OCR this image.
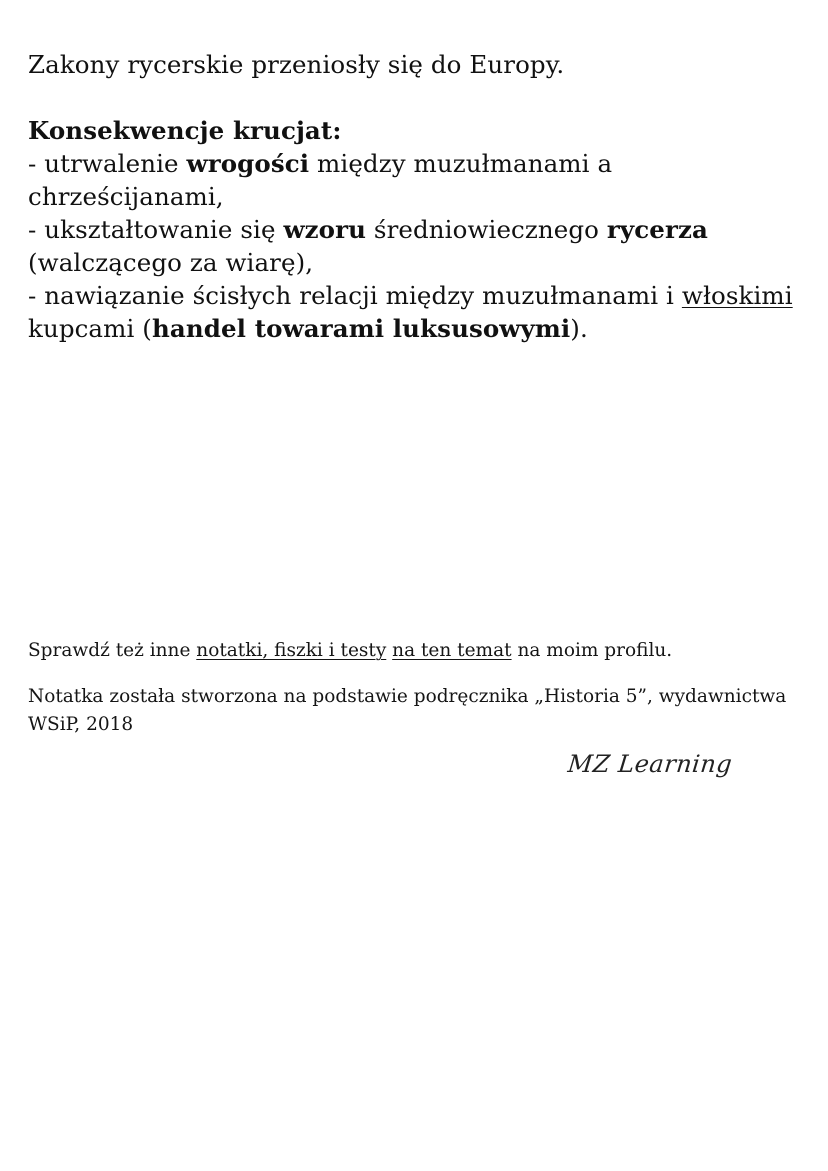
Zakony rycerskie przeniosły się do Europy.

Konsekwencje krucjat:

- utrwalenie wrogości między muzułmanami a chrześcijanami,

- ukształtowanie się wzoru średniowiecznego rycerza (walczącego za wiarę),

- nawiązanie ścisłych relacji między muzułmanami i włoskimi kupcami (handel towarami luksusowymi).

Sprawdź też inne notatki, fiszki i testy na ten temat na moim profilu.

Notatka została stworzona na podstawie podręcznika „Historia 5”, wydawnictwa WSiP, 2018

MZ Learning
